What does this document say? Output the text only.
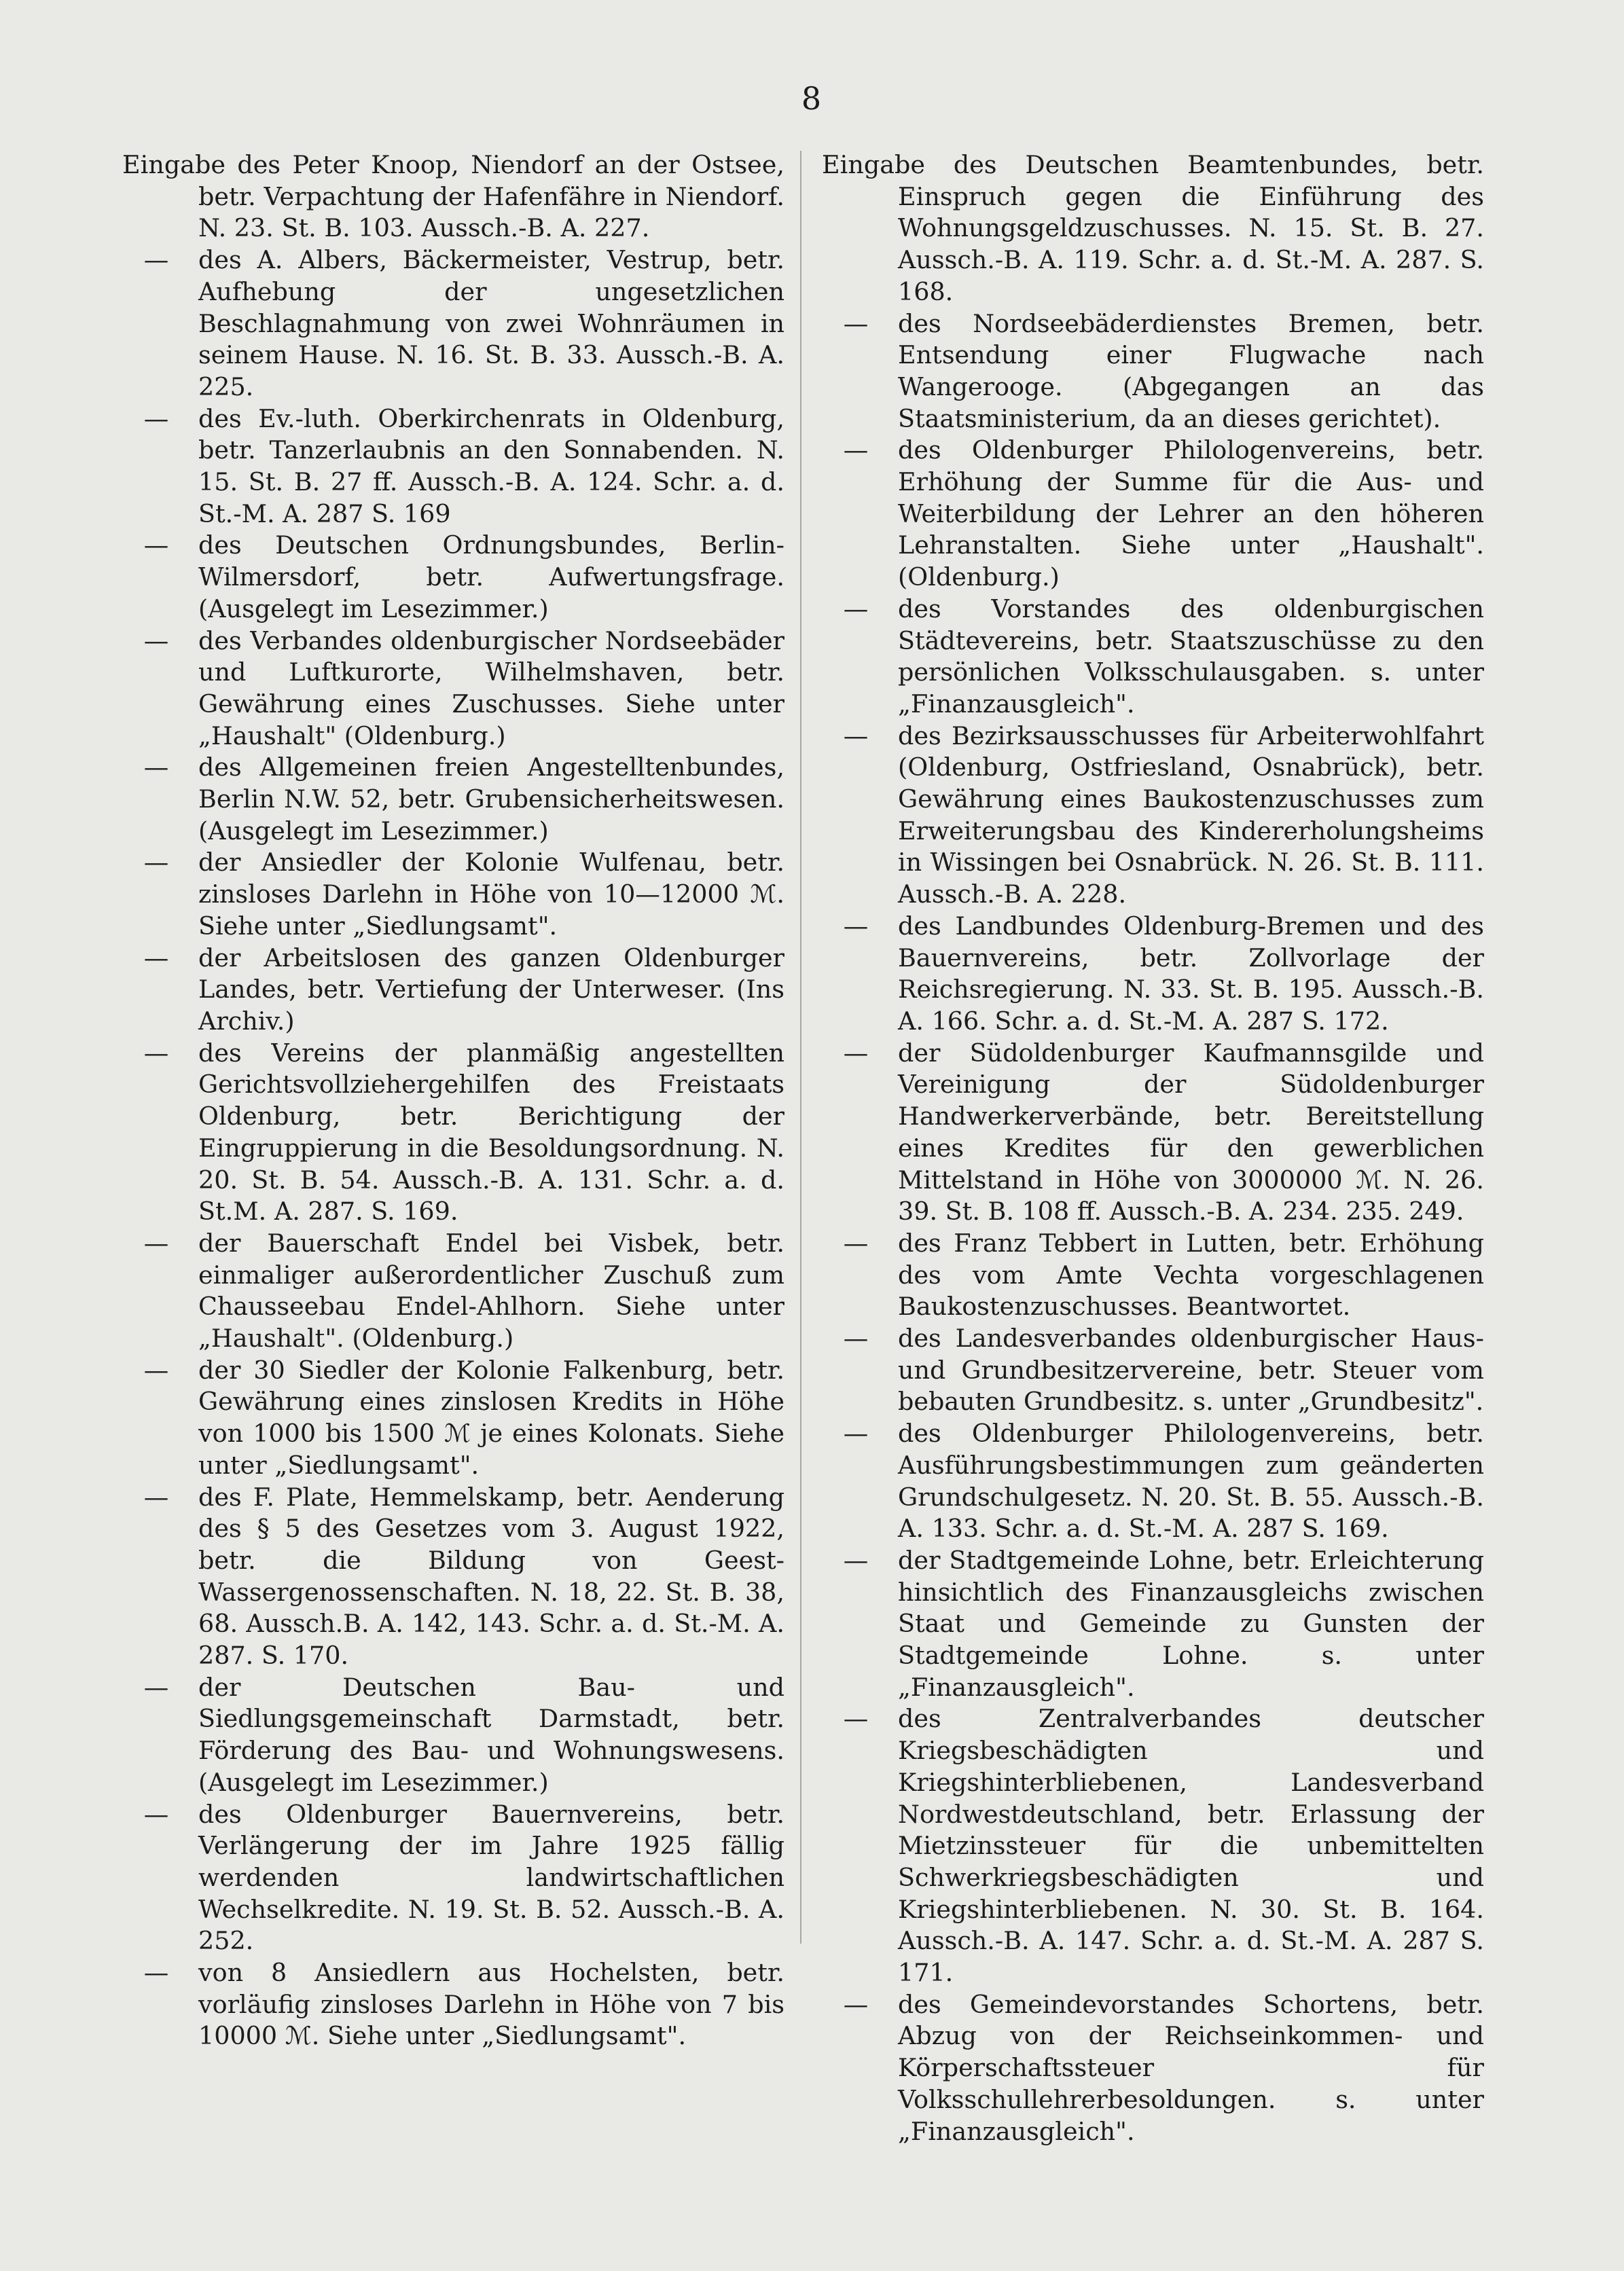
8
Eingabe des Peter Knoop, Niendorf an der Ostsee, betr. Verpachtung der Hafenfähre in Niendorf. N. 23. St. B. 103. Aussch.-B. A. 227.
—	des A. Albers, Bäckermeister, Vestrup, betr. Aufhebung der ungesetzlichen Beschlagnahmung von zwei Wohnräumen in seinem Hause. N. 16. St. B. 33. Aussch.-B. A. 225.
—	des Ev.-luth. Oberkirchenrats in Oldenburg, betr. Tanzerlaubnis an den Sonnabenden. N. 15. St. B. 27 ff. Aussch.-B. A. 124. Schr. a. d. St.-M. A. 287 S. 169
—	des Deutschen Ordnungsbundes, Berlin-Wilmersdorf, betr. Aufwertungsfrage. (Ausgelegt im Lesezimmer.)
—	des Verbandes oldenburgischer Nordseebäder und Luftkurorte, Wilhelmshaven, betr. Gewährung eines Zuschusses. Siehe unter „Haushalt" (Oldenburg.)
—	des Allgemeinen freien Angestelltenbundes, Berlin N.W. 52, betr. Grubensicherheitswesen. (Ausgelegt im Lesezimmer.)
—	der Ansiedler der Kolonie Wulfenau, betr. zinsloses Darlehn in Höhe von 10—12000 ℳ. Siehe unter „Siedlungsamt".
—	der Arbeitslosen des ganzen Oldenburger Landes, betr. Vertiefung der Unterweser. (Ins Archiv.)
—	des Vereins der planmäßig angestellten Gerichtsvollziehergehilfen des Freistaats Oldenburg, betr. Berichtigung der Eingruppierung in die Besoldungsordnung. N. 20. St. B. 54. Aussch.-B. A. 131. Schr. a. d. St.M. A. 287. S. 169.
—	der Bauerschaft Endel bei Visbek, betr. einmaliger außerordentlicher Zuschuß zum Chausseebau Endel-Ahlhorn. Siehe unter „Haushalt". (Oldenburg.)
—	der 30 Siedler der Kolonie Falkenburg, betr. Gewährung eines zinslosen Kredits in Höhe von 1000 bis 1500 ℳ je eines Kolonats. Siehe unter „Siedlungsamt".
—	des F. Plate, Hemmelskamp, betr. Aenderung des § 5 des Gesetzes vom 3. August 1922, betr. die Bildung von Geest-Wassergenossenschaften. N. 18, 22. St. B. 38, 68. Aussch.B. A. 142, 143. Schr. a. d. St.-M. A. 287. S. 170.
—	der Deutschen Bau- und Siedlungsgemeinschaft Darmstadt, betr. Förderung des Bau- und Wohnungswesens. (Ausgelegt im Lesezimmer.)
—	des Oldenburger Bauernvereins, betr. Verlängerung der im Jahre 1925 fällig werdenden landwirtschaftlichen Wechselkredite. N. 19. St. B. 52. Aussch.-B. A. 252.
—	von 8 Ansiedlern aus Hochelsten, betr. vorläufig zinsloses Darlehn in Höhe von 7 bis 10000 ℳ. Siehe unter „Siedlungsamt".
Eingabe des Deutschen Beamtenbundes, betr. Einspruch gegen die Einführung des Wohnungsgeldzuschusses. N. 15. St. B. 27. Aussch.-B. A. 119. Schr. a. d. St.-M. A. 287. S. 168.
—	des Nordseebäderdienstes Bremen, betr. Entsendung einer Flugwache nach Wangerooge. (Abgegangen an das Staatsministerium, da an dieses gerichtet).
—	des Oldenburger Philologenvereins, betr. Erhöhung der Summe für die Aus- und Weiterbildung der Lehrer an den höheren Lehranstalten. Siehe unter „Haushalt". (Oldenburg.)
—	des Vorstandes des oldenburgischen Städtevereins, betr. Staatszuschüsse zu den persönlichen Volksschulausgaben. s. unter „Finanzausgleich".
—	des Bezirksausschusses für Arbeiterwohlfahrt (Oldenburg, Ostfriesland, Osnabrück), betr. Gewährung eines Baukostenzuschusses zum Erweiterungsbau des Kindererholungsheims in Wissingen bei Osnabrück. N. 26. St. B. 111. Aussch.-B. A. 228.
—	des Landbundes Oldenburg-Bremen und des Bauernvereins, betr. Zollvorlage der Reichsregierung. N. 33. St. B. 195. Aussch.-B. A. 166. Schr. a. d. St.-M. A. 287 S. 172.
—	der Südoldenburger Kaufmannsgilde und Vereinigung der Südoldenburger Handwerkerverbände, betr. Bereitstellung eines Kredites für den gewerblichen Mittelstand in Höhe von 3000000 ℳ. N. 26. 39. St. B. 108 ff. Aussch.-B. A. 234. 235. 249.
—	des Franz Tebbert in Lutten, betr. Erhöhung des vom Amte Vechta vorgeschlagenen Baukostenzuschusses. Beantwortet.
—	des Landesverbandes oldenburgischer Haus- und Grundbesitzervereine, betr. Steuer vom bebauten Grundbesitz. s. unter „Grundbesitz".
—	des Oldenburger Philologenvereins, betr. Ausführungsbestimmungen zum geänderten Grundschulgesetz. N. 20. St. B. 55. Aussch.-B. A. 133. Schr. a. d. St.-M. A. 287 S. 169.
—	der Stadtgemeinde Lohne, betr. Erleichterung hinsichtlich des Finanzausgleichs zwischen Staat und Gemeinde zu Gunsten der Stadtgemeinde Lohne. s. unter „Finanzausgleich".
—	des Zentralverbandes deutscher Kriegsbeschädigten und Kriegshinterbliebenen, Landesverband Nordwestdeutschland, betr. Erlassung der Mietzinssteuer für die unbemittelten Schwerkriegsbeschädigten und Kriegshinterbliebenen. N. 30. St. B. 164. Aussch.-B. A. 147. Schr. a. d. St.-M. A. 287 S. 171.
—	des Gemeindevorstandes Schortens, betr. Abzug von der Reichseinkommen- und Körperschaftssteuer für Volksschullehrerbesoldungen. s. unter „Finanzausgleich".
